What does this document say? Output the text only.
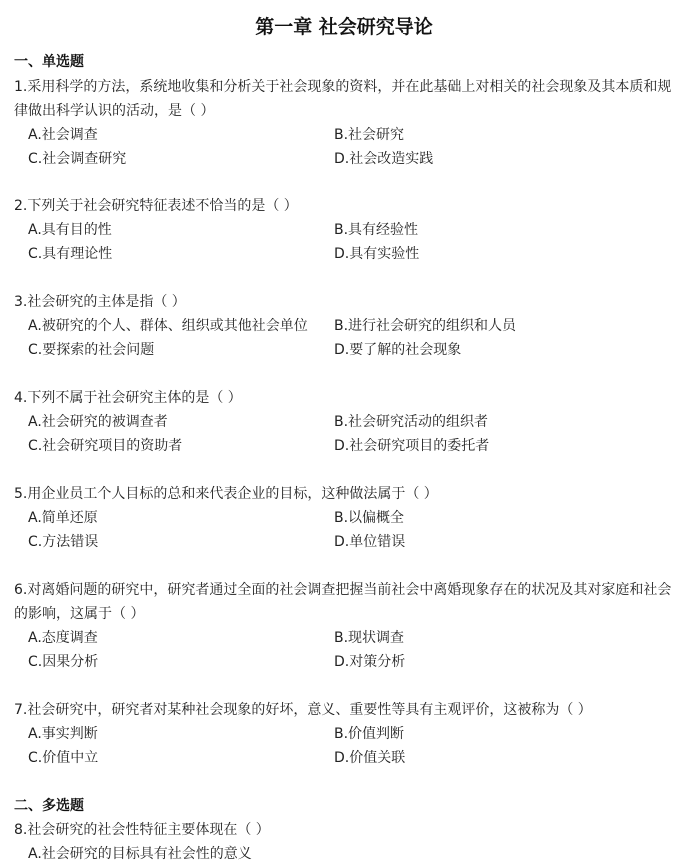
第一章 社会研究导论
一、单选题

1.采用科学的方法，系统地收集和分析关于社会现象的资料，并在此基础上对相关的社会现象及其本质和规律做出科学认识的活动，是（ ）

A.社会调查	B.社会研究
C.社会调查研究	D.社会改造实践

2.下列关于社会研究特征表述不恰当的是（ ）

A.具有目的性	B.具有经验性
C.具有理论性	D.具有实验性

3.社会研究的主体是指（ ）

A.被研究的个人、群体、组织或其他社会单位	B.进行社会研究的组织和人员
C.要探索的社会问题	D.要了解的社会现象

4.下列不属于社会研究主体的是（ ）

A.社会研究的被调查者	B.社会研究活动的组织者
C.社会研究项目的资助者	D.社会研究项目的委托者

5.用企业员工个人目标的总和来代表企业的目标，这种做法属于（ ）

A.简单还原	B.以偏概全
C.方法错误	D.单位错误

6.对离婚问题的研究中，研究者通过全面的社会调查把握当前社会中离婚现象存在的状况及其对家庭和社会的影响，这属于（ ）

A.态度调查	B.现状调查
C.因果分析	D.对策分析

7.社会研究中，研究者对某种社会现象的好坏，意义、重要性等具有主观评价，这被称为（ ）

A.事实判断	B.价值判断
C.价值中立	D.价值关联
二、多选题

8.社会研究的社会性特征主要体现在（ ）

A.社会研究的目标具有社会性的意义
